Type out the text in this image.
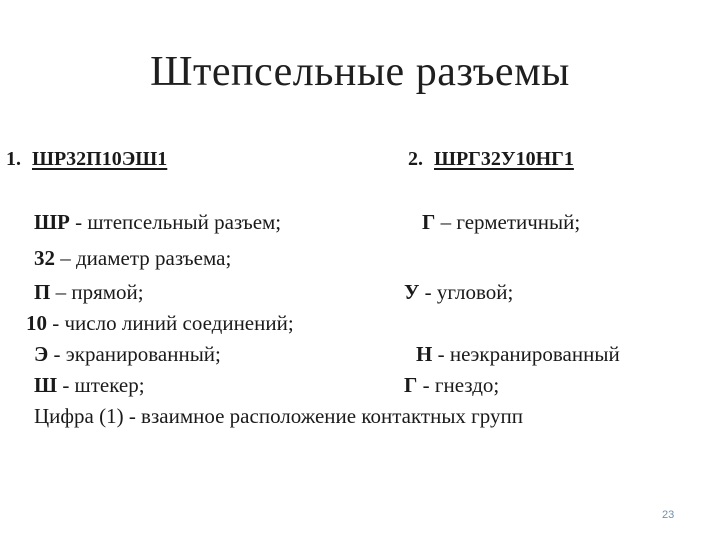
Штепсельные разъемы
1. ШР32П10ЭШ1	2. ШРГ32У10НГ1
ШР - штепсельный разъем;
32 – диаметр разъема;
П – прямой;
10 - число линий соединений;
Э - экранированный;
Ш - штекер;
Г – герметичный;
У - угловой;
Н - неэкранированный
Г - гнездо;
Цифра (1) - взаимное расположение контактных групп
23
